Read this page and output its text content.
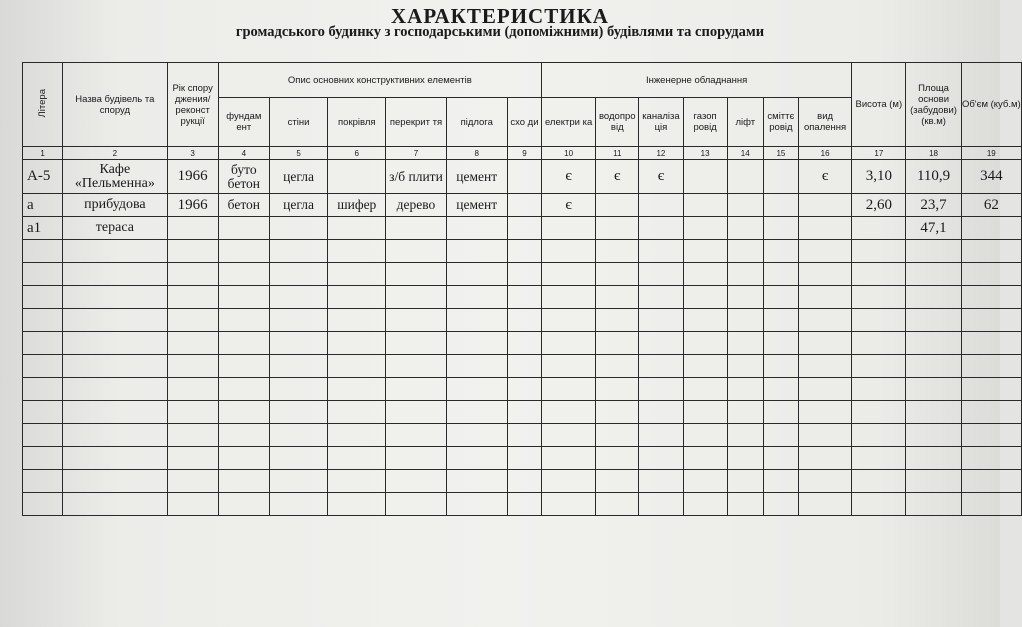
ХАРАКТЕРИСТИКА
громадського будинку з господарськими (допоміжними) будівлями та спорудами
Літера	Назва будівель та споруд	Рік спору джения/ реконст рукції	Опис основних конструктивних елементів						Інженерне обладнання							Висота (м)	Площа основи (забудови) (кв.м)	Об'єм (куб.м)
			фундам ент	стіни	покрівля	перекрит тя	підлога	схо ди	електри ка	водопро від	каналіза ція	газоп ровід	ліфт	сміттє ровід	вид опалення			
1	2	3	4	5	6	7	8	9	10	11	12	13	14	15	16	17	18	19
А-5	Кафе «Пельменна»	1966	буто бетон	цегла		з/б плити	цемент		є	є	є				є	3,10	110,9	344
а	прибудова	1966	бетон	цегла	шифер	дерево	цемент		є							2,60	23,7	62
а1	тераса																47,1	
